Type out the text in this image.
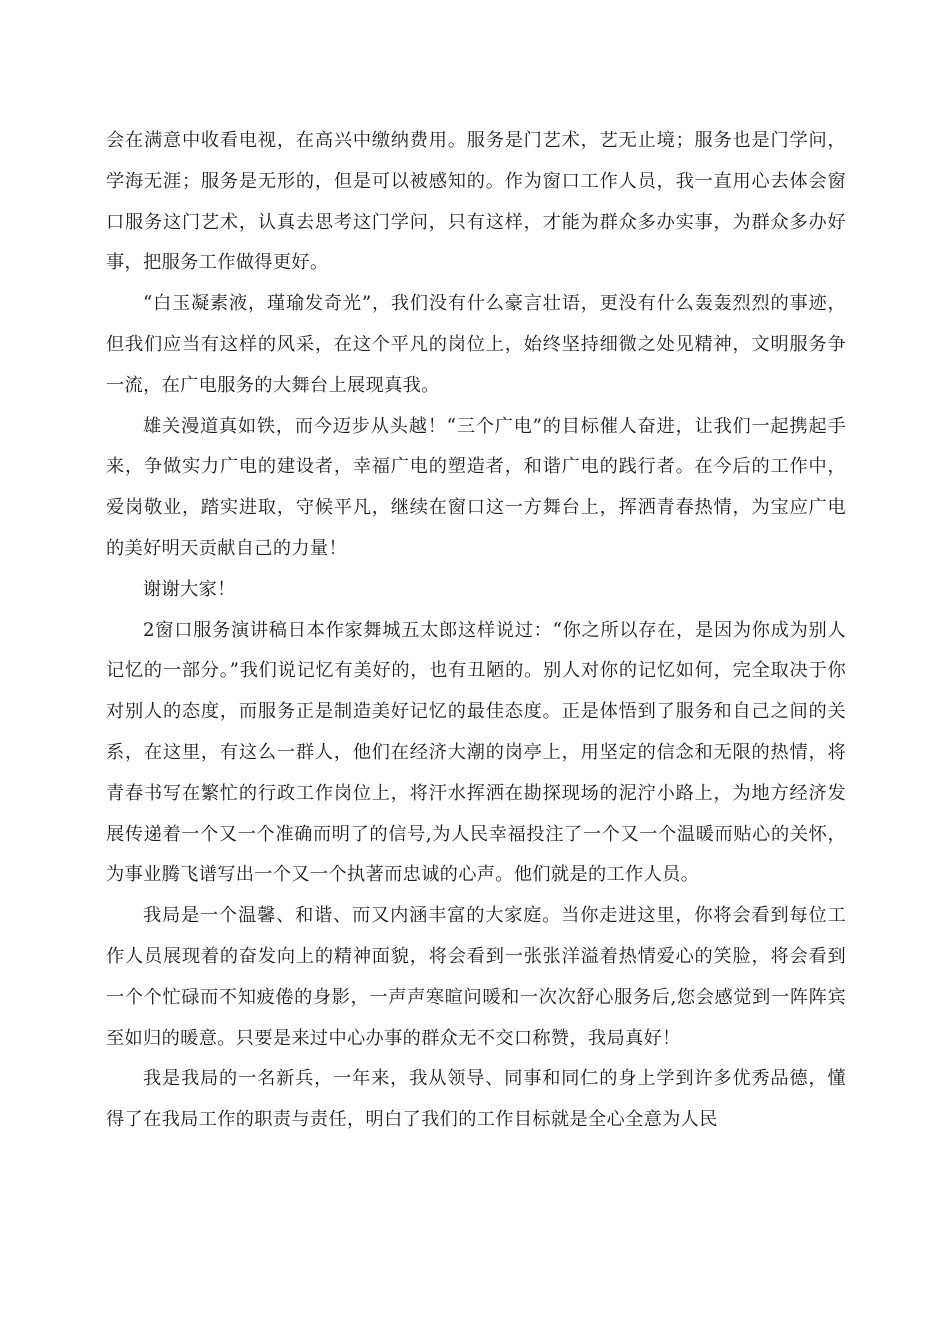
会在满意中收看电视，在高兴中缴纳费用。服务是门艺术，艺无止境；服务也是门学问，学海无涯；服务是无形的，但是可以被感知的。作为窗口工作人员，我一直用心去体会窗口服务这门艺术，认真去思考这门学问，只有这样，才能为群众多办实事，为群众多办好事，把服务工作做得更好。

“白玉凝素液，瑾瑜发奇光”，我们没有什么豪言壮语，更没有什么轰轰烈烈的事迹，但我们应当有这样的风采，在这个平凡的岗位上，始终坚持细微之处见精神，文明服务争一流，在广电服务的大舞台上展现真我。

雄关漫道真如铁，而今迈步从头越！“三个广电”的目标催人奋进，让我们一起携起手来，争做实力广电的建设者，幸福广电的塑造者，和谐广电的践行者。在今后的工作中，爱岗敬业，踏实进取，守候平凡，继续在窗口这一方舞台上，挥洒青春热情，为宝应广电的美好明天贡献自己的力量！

谢谢大家！

2窗口服务演讲稿日本作家舞城五太郎这样说过：“你之所以存在，是因为你成为别人记忆的一部分。”我们说记忆有美好的，也有丑陋的。别人对你的记忆如何，完全取决于你对别人的态度，而服务正是制造美好记忆的最佳态度。正是体悟到了服务和自己之间的关系，在这里，有这么一群人，他们在经济大潮的岗亭上，用坚定的信念和无限的热情，将青春书写在繁忙的行政工作岗位上，将汗水挥洒在勘探现场的泥泞小路上，为地方经济发展传递着一个又一个准确而明了的信号,为人民幸福投注了一个又一个温暖而贴心的关怀，为事业腾飞谱写出一个又一个执著而忠诚的心声。他们就是的工作人员。

我局是一个温馨、和谐、而又内涵丰富的大家庭。当你走进这里，你将会看到每位工作人员展现着的奋发向上的精神面貌，将会看到一张张洋溢着热情爱心的笑脸，将会看到一个个忙碌而不知疲倦的身影，一声声寒暄问暖和一次次舒心服务后,您会感觉到一阵阵宾至如归的暖意。只要是来过中心办事的群众无不交口称赞，我局真好！

我是我局的一名新兵，一年来，我从领导、同事和同仁的身上学到许多优秀品德，懂得了在我局工作的职责与责任，明白了我们的工作目标就是全心全意为人民
